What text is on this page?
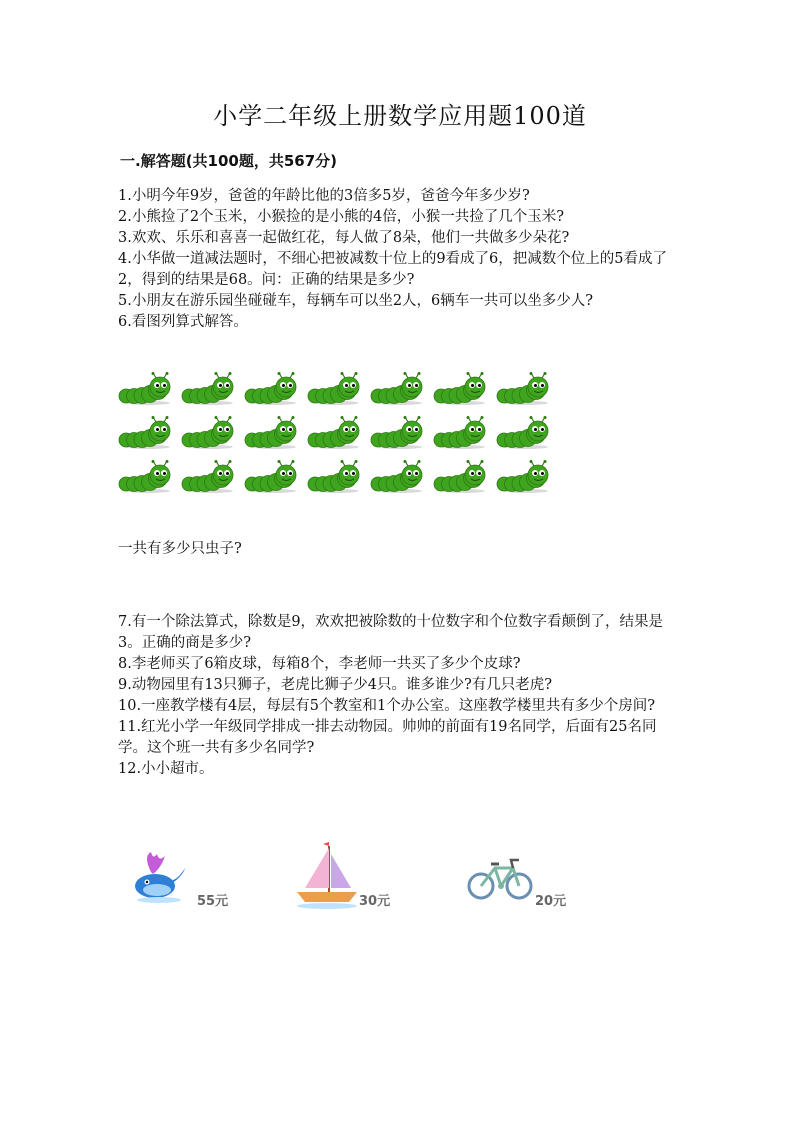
小学二年级上册数学应用题100道
一.解答题(共100题，共567分)

1.小明今年9岁，爸爸的年龄比他的3倍多5岁，爸爸今年多少岁?

2.小熊捡了2个玉米，小猴捡的是小熊的4倍，小猴一共捡了几个玉米?

3.欢欢、乐乐和喜喜一起做红花，每人做了8朵，他们一共做多少朵花?

4.小华做一道减法题时，不细心把被减数十位上的9看成了6，把减数个位上的5看成了2，得到的结果是68。问：正确的结果是多少?

5.小朋友在游乐园坐碰碰车，每辆车可以坐2人，6辆车一共可以坐多少人?

6.看图列算式解答。

一共有多少只虫子?

7.有一个除法算式，除数是9，欢欢把被除数的十位数字和个位数字看颠倒了，结果是3。正确的商是多少?

8.李老师买了6箱皮球，每箱8个，李老师一共买了多少个皮球?

9.动物园里有13只狮子，老虎比狮子少4只。谁多谁少?有几只老虎?

10.一座教学楼有4层，每层有5个教室和1个办公室。这座教学楼里共有多少个房间?

11.红光小学一年级同学排成一排去动物园。帅帅的前面有19名同学，后面有25名同学。这个班一共有多少名同学?

12.小小超市。

55元	30元	20元
